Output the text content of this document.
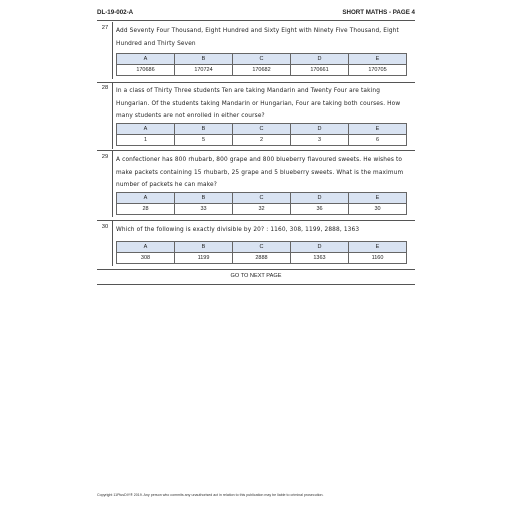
DL-19-002-A	SHORT MATHS - PAGE 4
27	Add Seventy Four Thousand, Eight Hundred and Sixty Eight with Ninety Five Thousand, Eight Hundred and Thirty Seven
A	B	C	D	E
170686	170724	170682	170661	170705
28	In a class of Thirty Three students Ten are taking Mandarin and Twenty Four are taking Hungarian. Of the students taking Mandarin or Hungarian, Four are taking both courses. How many students are not enrolled in either course?
A	B	C	D	E
1	5	2	3	6
29	A confectioner has 800 rhubarb, 800 grape and 800 blueberry flavoured sweets. He wishes to make packets containing 15 rhubarb, 25 grape and 5 blueberry sweets. What is the maximum number of packets he can make?
A	B	C	D	E
28	33	32	36	30
30	Which of the following is exactly divisible by 20? : 1160, 308, 1199, 2888, 1363
A	B	C	D	E
308	1199	2888	1363	1160
GO TO NEXT PAGE
Copyright 11PlusDIY® 2019. Any person who commits any unauthorised act in relation to this publication may be liable to criminal prosecution.
